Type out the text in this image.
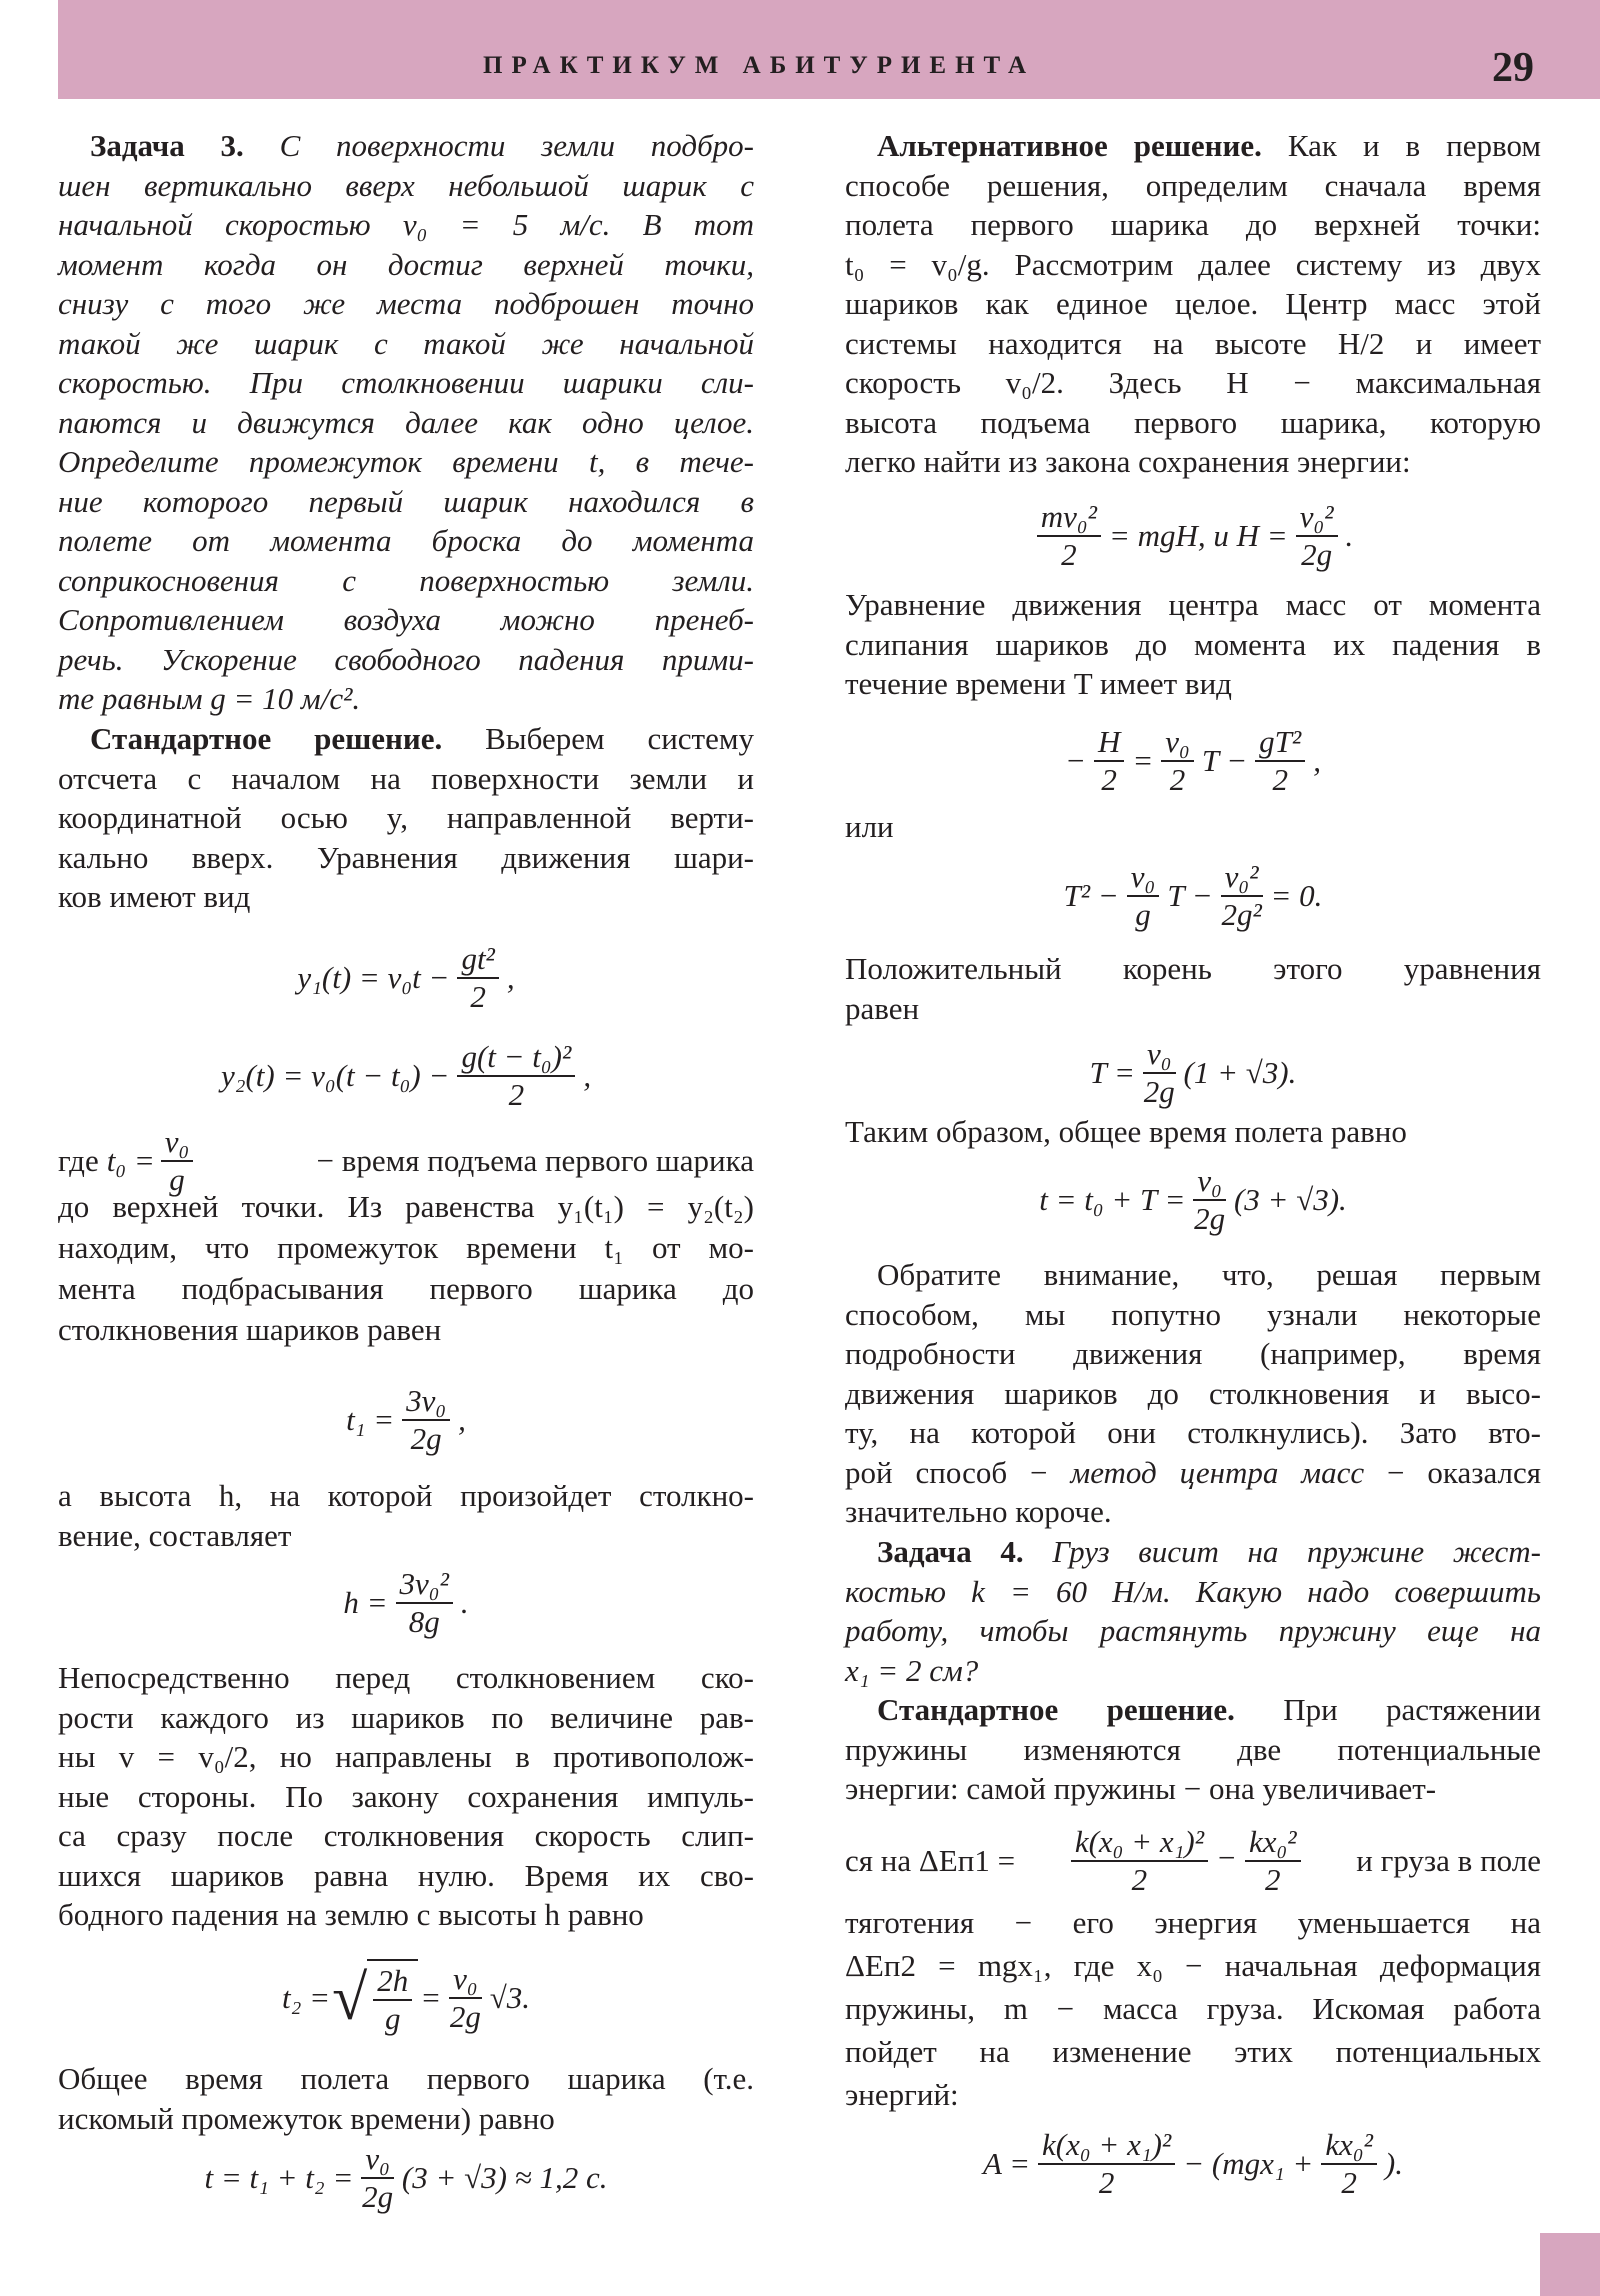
ПРАКТИКУМ АБИТУРИЕНТА	29
Задача 3. С поверхности земли подбро-
шен вертикально вверх небольшой шарик с
начальной скоростью v₀ = 5 м/с. В тот
момент когда он достиг верхней точки,
снизу с того же места подброшен точно
такой же шарик с такой же начальной
скоростью. При столкновении шарики сли-
паются и движутся далее как одно целое.
Определите промежуток времени t, в тече-
ние которого первый шарик находился в
полете от момента броска до момента
соприкосновения с поверхностью земли.
Сопротивлением воздуха можно пренеб-
речь. Ускорение свободного падения прими-
те равным g = 10 м/с².
Стандартное решение. Выберем систему
отсчета с началом на поверхности земли и
координатной осью y, направленной верти-
кально вверх. Уравнения движения шари-
ков имеют вид
$y_1(t) = v_0t - \frac{\text{gt²}}{2}$ ,
$y_2(t) = v_0(t - t_0) - \frac{\text{g(t − t₀)²}}{2}$ ,
где $t_0 = \frac{\text{v₀}}{g}$	− время подъема первого шарика
до верхней точки. Из равенства y₁(t₁) = y₂(t₂)
находим, что промежуток времени t₁ от мо-
мента подбрасывания первого шарика до
столкновения шариков равен
$t_1 = \frac{\text{3v₀}}{2g}$ ,
а высота h, на которой произойдет столкно-
вение, составляет
$h = \frac{\text{3v₀²}}{8g}$ .
Непосредственно перед столкновением ско-
рости каждого из шариков по величине рав-
ны v = v₀/2, но направлены в противополож-
ные стороны. По закону сохранения импуль-
са сразу после столкновения скорость слип-
шихся шариков равна нулю. Время их сво-
бодного падения на землю с высоты h равно
t₂ = √ $\frac{2h}{g} = \frac{\text{v₀}}{2g} √3$.
Общее время полета первого шарика (т.е.
искомый промежуток времени) равно
$t = t_1 + t_2 = \frac{\text{v₀}}{2g} (3 + √3) \approx 1,2$ с.
Альтернативное решение. Как и в первом
способе решения, определим сначала время
полета первого шарика до верхней точки:
t₀ = v₀/g. Рассмотрим далее систему из двух
шариков как единое целое. Центр масс этой
системы находится на высоте H/2 и имеет
скорость v₀/2. Здесь H − максимальная
высота подъема первого шарика, которую
легко найти из закона сохранения энергии:
$\frac{\text{mv₀²}}{2}$ = mgH, и $H = \frac{\text{v₀²}}{2g}$ .
Уравнение движения центра масс от момента
слипания шариков до момента их падения в
течение времени T имеет вид
− $\frac{H}{2} = \frac{\text{v₀}}{2}$ $T - \frac{\text{gT²}}{2}$ ,
или
$T^2 - \frac{\text{v₀}}{g}$ $T - \frac{\text{v₀²}}{\text{2g²}} = 0$.
Положительный корень этого уравнения
равен
$T = \frac{\text{v₀}}{2g} (1 + √3)$.
Таким образом, общее время полета равно
$t = t_0 + T = \frac{\text{v₀}}{2g} (3 + √3)$.
Обратите внимание, что, решая первым
способом, мы попутно узнали некоторые
подробности движения (например, время
движения шариков до столкновения и высо-
ту, на которой они столкнулись). Зато вто-
рой способ − метод центра масс − оказался
значительно короче.
Задача 4. Груз висит на пружине жест-
костью k = 60 Н/м. Какую надо совершить
работу, чтобы растянуть пружину еще на
x₁ = 2 см?
Стандартное решение. При растяжении
пружины изменяются две потенциальные
энергии: самой пружины − она увеличивает-
ся на $\Delta Eп1 = \frac{\text{k(x₀ + x₁)²}}{2} - \frac{\text{kx₀²}}{2}$ и груза в поле
тяготения − его энергия уменьшается на
ΔEп2 = mgx₁, где x₀ − начальная деформация
пружины, m − масса груза. Искомая работа
пойдет на изменение этих потенциальных
энергий:
$A = \frac{\text{k(x₀ + x₁)²}}{2} - (mgx_1 + \frac{\text{kx₀²}}{2}$ ).
